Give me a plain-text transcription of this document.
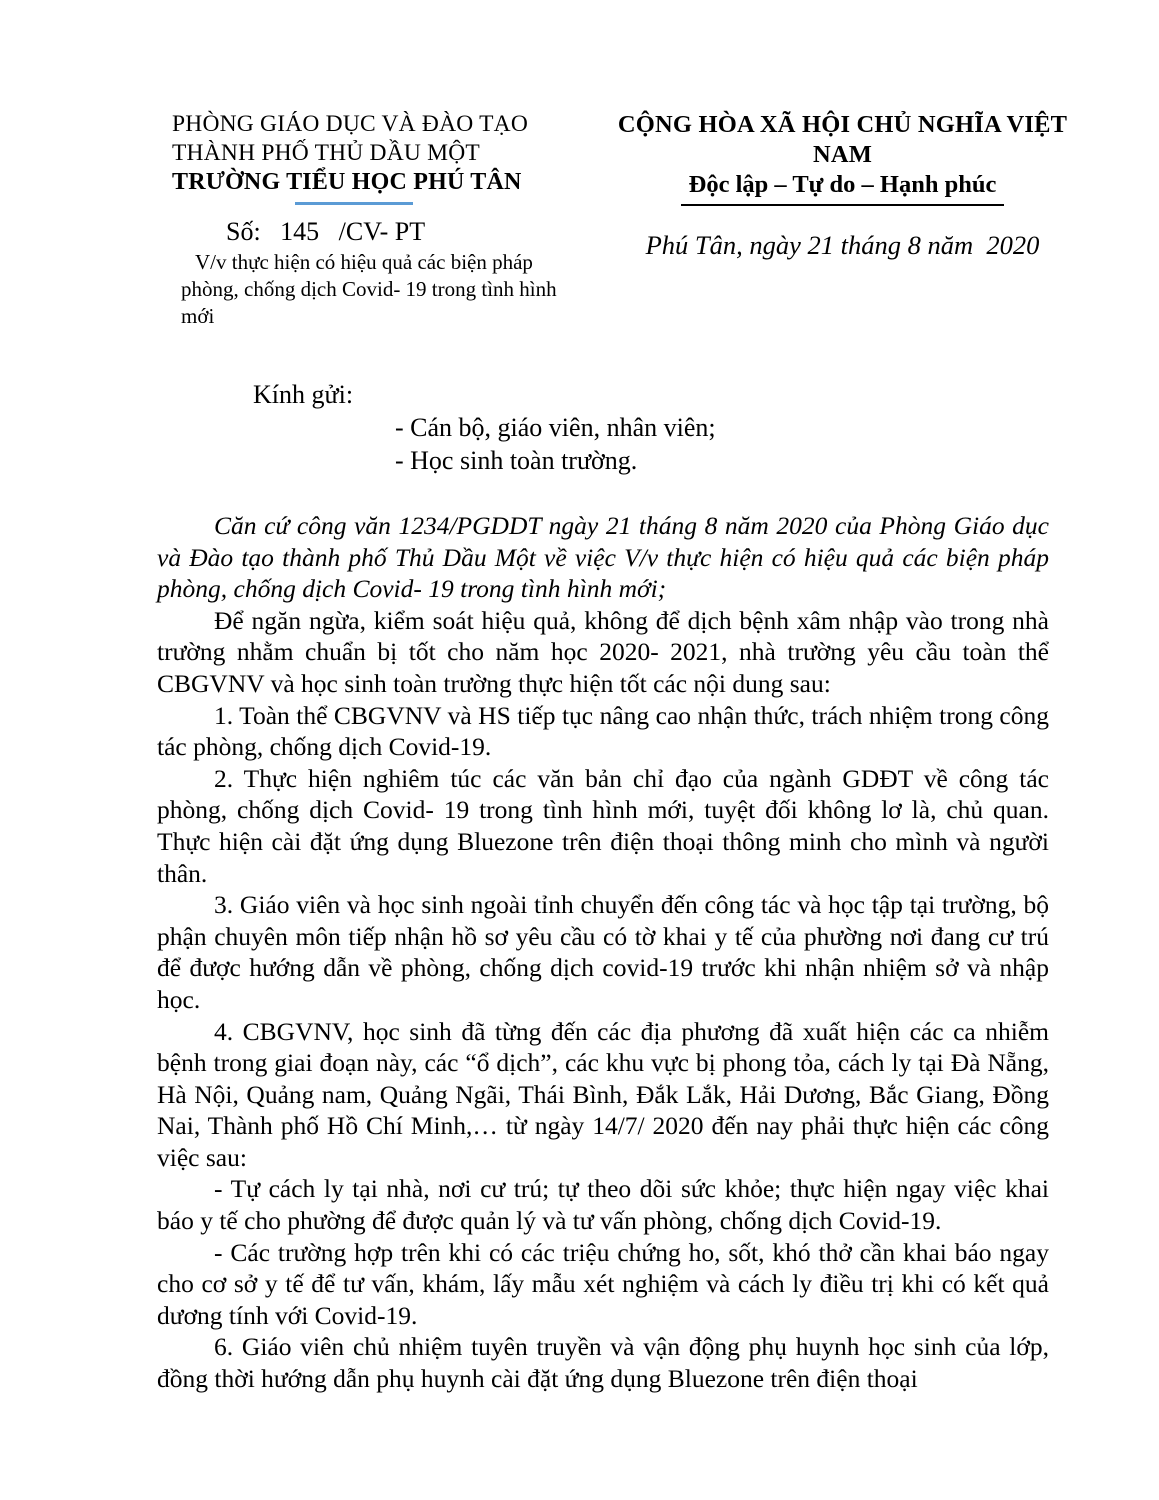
PHÒNG GIÁO DỤC VÀ ĐÀO TẠO
THÀNH PHỐ THỦ DẦU MỘT
TRƯỜNG TIỂU HỌC PHÚ TÂN
Số:   145   /CV- PT
V/v thực hiện có hiệu quả các biện pháp phòng, chống dịch Covid- 19 trong tình hình mới
CỘNG HÒA XÃ HỘI CHỦ NGHĨA VIỆT NAM
Độc lập – Tự do – Hạnh phúc
Phú Tân, ngày 21 tháng 8 năm  2020
Kính gửi:
- Cán bộ, giáo viên, nhân viên;
- Học sinh toàn trường.

Căn cứ công văn 1234/PGDDT ngày 21 tháng 8 năm 2020 của Phòng Giáo dục và Đào tạo thành phố Thủ Dầu Một về việc V/v thực hiện có hiệu quả các biện pháp phòng, chống dịch Covid- 19 trong tình hình mới;

Để ngăn ngừa, kiểm soát hiệu quả, không để dịch bệnh xâm nhập vào trong nhà trường nhằm chuẩn bị tốt cho năm học 2020- 2021, nhà trường yêu cầu toàn thể CBGVNV và học sinh toàn trường thực hiện tốt các nội dung sau:

1. Toàn thể CBGVNV và HS tiếp tục nâng cao nhận thức, trách nhiệm trong công tác phòng, chống dịch Covid-19.

2. Thực hiện nghiêm túc các văn bản chỉ đạo của ngành GDĐT về công tác phòng, chống dịch Covid- 19 trong tình hình mới, tuyệt đối không lơ là, chủ quan. Thực hiện cài đặt ứng dụng Bluezone trên điện thoại thông minh cho mình và người thân.

3. Giáo viên và học sinh ngoài tỉnh chuyển đến công tác và học tập tại trường, bộ phận chuyên môn tiếp nhận hồ sơ yêu cầu có tờ khai y tế của phường nơi đang cư trú để được hướng dẫn về phòng, chống dịch covid-19 trước khi nhận nhiệm sở và nhập học.

4. CBGVNV, học sinh đã từng đến các địa phương đã xuất hiện các ca nhiễm bệnh trong giai đoạn này, các “ổ dịch”, các khu vực bị phong tỏa, cách ly tại Đà Nẵng, Hà Nội, Quảng nam, Quảng Ngãi, Thái Bình, Đắk Lắk, Hải Dương, Bắc Giang, Đồng Nai, Thành phố Hồ Chí Minh,… từ ngày 14/7/ 2020 đến nay phải thực hiện các công việc sau:

- Tự cách ly tại nhà, nơi cư trú; tự theo dõi sức khỏe; thực hiện ngay việc khai báo y tế cho phường để được quản lý và tư vấn phòng, chống dịch Covid-19.

- Các trường hợp trên khi có các triệu chứng ho, sốt, khó thở cần khai báo ngay cho cơ sở y tế để tư vấn, khám, lấy mẫu xét nghiệm và cách ly điều trị khi có kết quả dương tính với Covid-19.

6. Giáo viên chủ nhiệm tuyên truyền và vận động phụ huynh học sinh của lớp, đồng thời hướng dẫn phụ huynh cài đặt ứng dụng Bluezone trên điện thoại
